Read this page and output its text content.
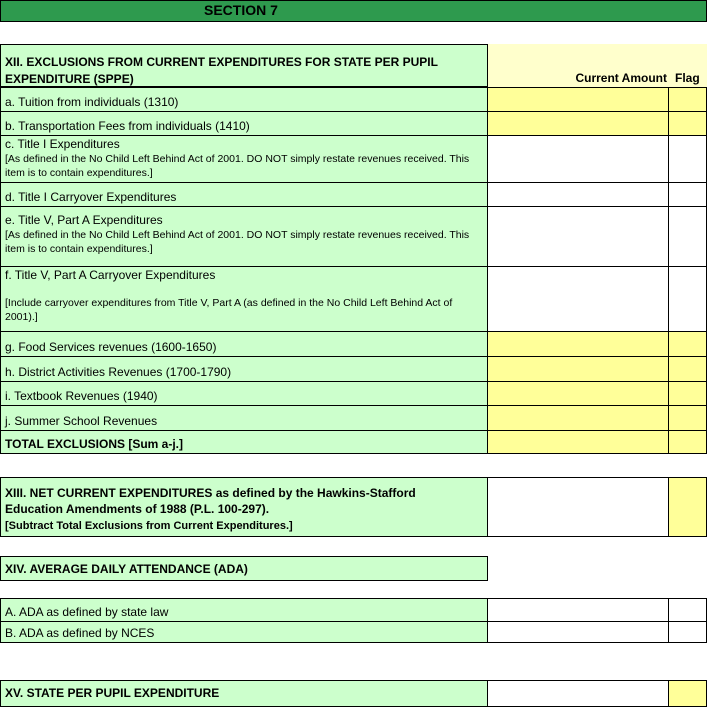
SECTION 7
XII. EXCLUSIONS FROM CURRENT EXPENDITURES FOR STATE PER PUPIL
EXPENDITURE (SPPE)	Current Amount Flag
a. Tuition from individuals (1310)
b. Transportation Fees from individuals (1410)
c. Title I Expenditures
[As defined in the No Child Left Behind Act of 2001. DO NOT simply restate revenues received. This item is to contain expenditures.]
d. Title I Carryover Expenditures
e. Title V, Part A Expenditures
[As defined in the No Child Left Behind Act of 2001. DO NOT simply restate revenues received. This item is to contain expenditures.]
f. Title V, Part A Carryover Expenditures
[Include carryover expenditures from Title V, Part A (as defined in the No Child Left Behind Act of 2001).]
g. Food Services revenues (1600-1650)
h. District Activities Revenues (1700-1790)
i. Textbook Revenues (1940)
j. Summer School Revenues
TOTAL EXCLUSIONS [Sum a-j.]
XIII. NET CURRENT EXPENDITURES as defined by the Hawkins-Stafford
Education Amendments of 1988 (P.L. 100-297).
[Subtract Total Exclusions from Current Expenditures.]
XIV. AVERAGE DAILY ATTENDANCE (ADA)
A. ADA as defined by state law
B. ADA as defined by NCES
XV. STATE PER PUPIL EXPENDITURE
